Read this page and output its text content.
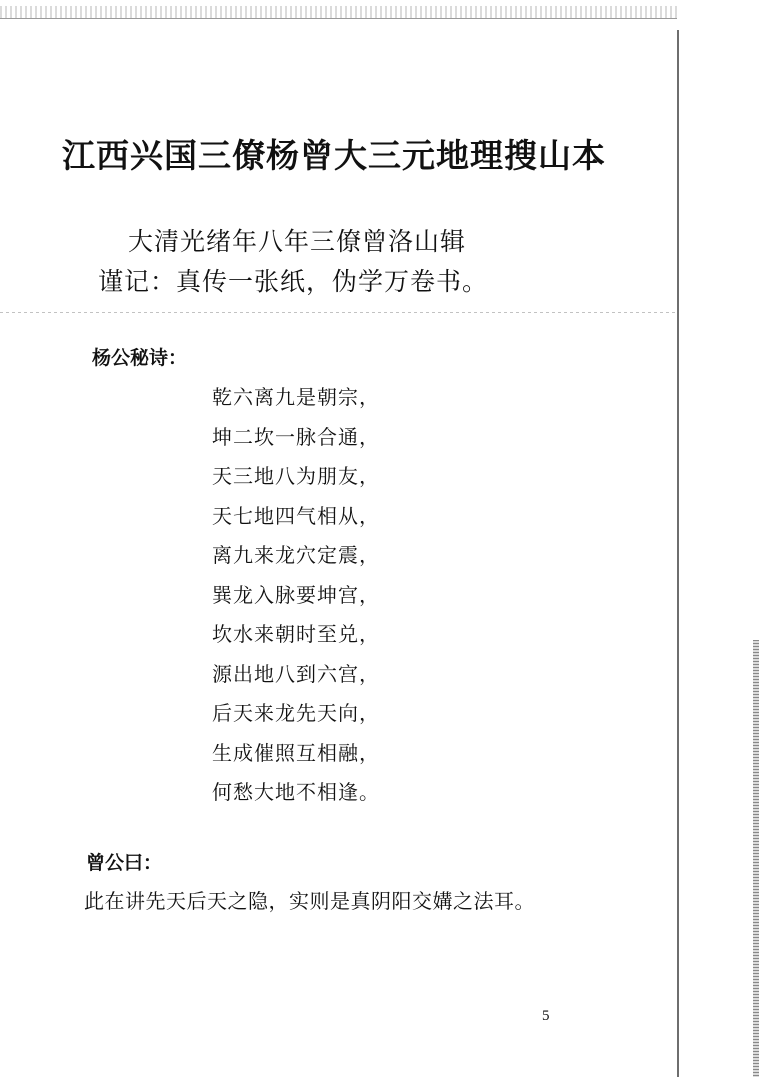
江西兴国三僚杨曾大三元地理搜山本
大清光绪年八年三僚曾洛山辑
谨记：真传一张纸，伪学万卷书。
杨公秘诗：
乾六离九是朝宗，
坤二坎一脉合通，
天三地八为朋友，
天七地四气相从，
离九来龙穴定震，
巽龙入脉要坤宫，
坎水来朝时至兑，
源出地八到六宫，
后天来龙先天向，
生成催照互相融，
何愁大地不相逢。
曾公曰：
此在讲先天后天之隐，实则是真阴阳交媾之法耳。
5
